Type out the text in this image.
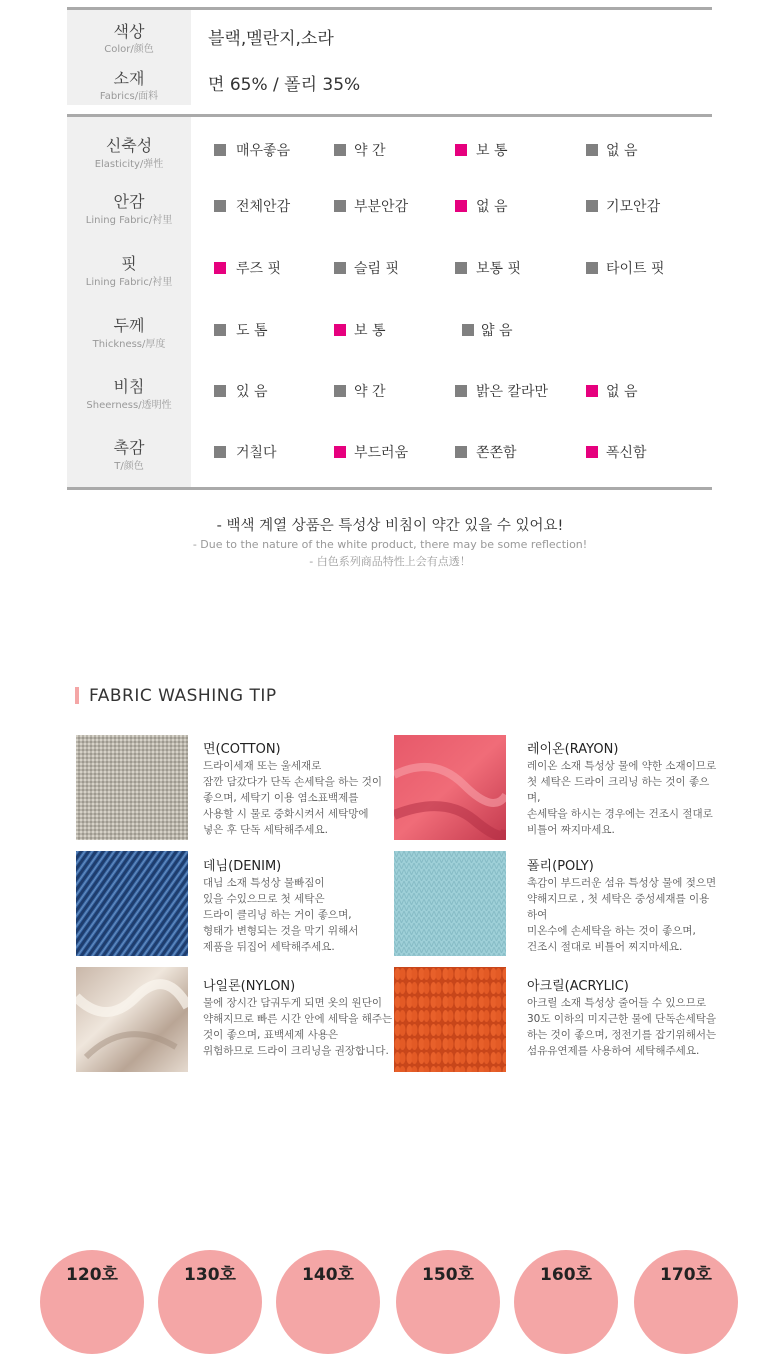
색상
Color/颜色
블랙,멜란지,소라
소재
Fabrics/面料
면 65% / 폴리 35%
신축성
Elasticity/弹性
매우좋음	약 간	보 통	없 음
안감
Lining Fabric/衬里
전체안감	부분안감	없 음	기모안감
핏
Lining Fabric/衬里
루즈 핏	슬림 핏	보통 핏	타이트 핏
두께
Thickness/厚度
도 톰	보 통	얇 음
비침
Sheerness/透明性
있 음	약 간	밝은 칼라만	없 음
촉감
T/颜色
거칠다	부드러움	쫀쫀함	폭신함
- 백색 계열 상품은 특성상 비침이 약간 있을 수 있어요!
- Due to the nature of the white product, there may be some reflection!
- 白色系列商品特性上会有点透！
FABRIC WASHING TIP
면(COTTON)
드라이세재 또는 울세재로
잠깐 담갔다가 단독 손세탁을 하는 것이
좋으며, 세탁기 이용 염소표백제를
사용할 시 물로 중화시켜서 세탁망에
넣은 후 단독 세탁해주세요.
레이온(RAYON)
레이온 소재 특성상 물에 약한 소재이므로
첫 세탁은 드라이 크리닝 하는 것이 좋으며,
손세탁을 하시는 경우에는 건조시 절대로
비틀어 짜지마세요.
데님(DENIM)
대님 소재 특성상 물빠짐이
있을 수있으므로 첫 세탁은
드라이 클리닝 하는 거이 좋으며,
형태가 변형되는 것을 막기 위해서
제품을 뒤집어 세탁해주세요.
폴리(POLY)
촉감이 부드러운 섬유 특성상 물에 젖으면
약해지므로 , 첫 세탁은 중성세재를 이용하여
미온수에 손세탁을 하는 것이 좋으며,
건조시 절대로 비틀어 찌지마세요.
나일론(NYLON)
물에 장시간 담궈두게 되면 옷의 원단이
약해지므로 빠른 시간 안에 세탁을 해주는
것이 좋으며, 표백세제 사용은
위험하므로 드라이 크리닝을 권장합니다.
아크릴(ACRYLIC)
아크릴 소재 특성상 줄어들 수 있으므로
30도 이하의 미지근한 물에 단독손세탁을
하는 것이 좋으며, 정전기를 잡기위해서는
섬유유연제를 사용하여 세탁해주세요.
120호	130호	140호	150호	160호	170호
